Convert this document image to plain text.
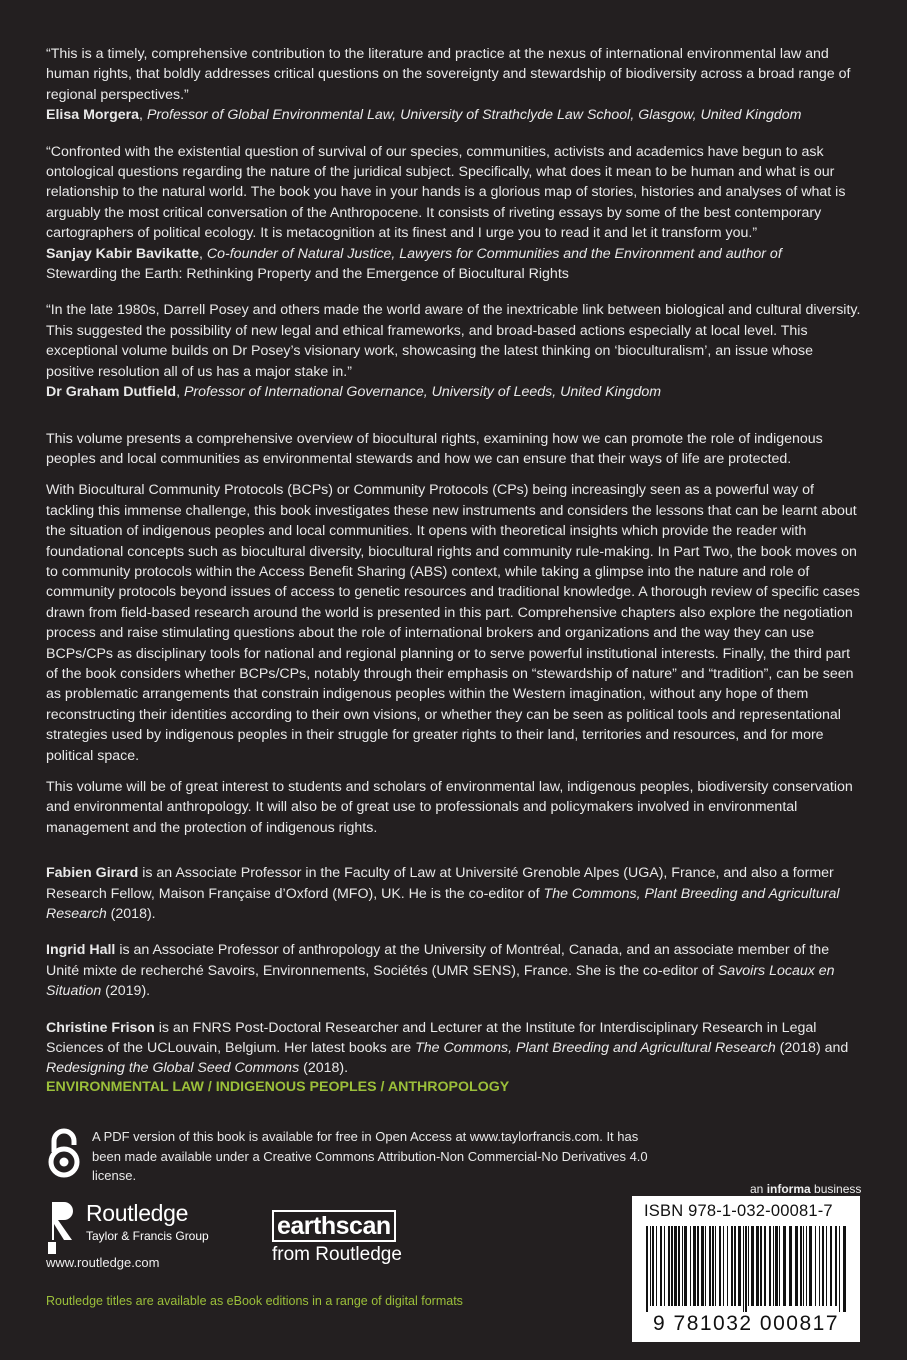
“This is a timely, comprehensive contribution to the literature and practice at the nexus of international environmental law and human rights, that boldly addresses critical questions on the sovereignty and stewardship of biodiversity across a broad range of regional perspectives.”
Elisa Morgera, Professor of Global Environmental Law, University of Strathclyde Law School, Glasgow, United Kingdom

“Confronted with the existential question of survival of our species, communities, activists and academics have begun to ask ontological questions regarding the nature of the juridical subject. Specifically, what does it mean to be human and what is our relationship to the natural world. The book you have in your hands is a glorious map of stories, histories and analyses of what is arguably the most critical conversation of the Anthropocene. It consists of riveting essays by some of the best contemporary cartographers of political ecology. It is metacognition at its finest and I urge you to read it and let it transform you.”
Sanjay Kabir Bavikatte, Co-founder of Natural Justice, Lawyers for Communities and the Environment and author of
Stewarding the Earth: Rethinking Property and the Emergence of Biocultural Rights

“In the late 1980s, Darrell Posey and others made the world aware of the inextricable link between biological and cultural diversity. This suggested the possibility of new legal and ethical frameworks, and broad-based actions especially at local level. This exceptional volume builds on Dr Posey’s visionary work, showcasing the latest thinking on ‘bioculturalism’, an issue whose positive resolution all of us has a major stake in.”
Dr Graham Dutfield, Professor of International Governance, University of Leeds, United Kingdom

This volume presents a comprehensive overview of biocultural rights, examining how we can promote the role of indigenous peoples and local communities as environmental stewards and how we can ensure that their ways of life are protected.

With Biocultural Community Protocols (BCPs) or Community Protocols (CPs) being increasingly seen as a powerful way of tackling this immense challenge, this book investigates these new instruments and considers the lessons that can be learnt about the situation of indigenous peoples and local communities. It opens with theoretical insights which provide the reader with foundational concepts such as biocultural diversity, biocultural rights and community rule-making. In Part Two, the book moves on to community protocols within the Access Benefit Sharing (ABS) context, while taking a glimpse into the nature and role of community protocols beyond issues of access to genetic resources and traditional knowledge. A thorough review of specific cases drawn from field-based research around the world is presented in this part. Comprehensive chapters also explore the negotiation process and raise stimulating questions about the role of international brokers and organizations and the way they can use BCPs/CPs as disciplinary tools for national and regional planning or to serve powerful institutional interests. Finally, the third part of the book considers whether BCPs/CPs, notably through their emphasis on “stewardship of nature” and “tradition”, can be seen as problematic arrangements that constrain indigenous peoples within the Western imagination, without any hope of them reconstructing their identities according to their own visions, or whether they can be seen as political tools and representational strategies used by indigenous peoples in their struggle for greater rights to their land, territories and resources, and for more political space.

This volume will be of great interest to students and scholars of environmental law, indigenous peoples, biodiversity conservation and environmental anthropology. It will also be of great use to professionals and policymakers involved in environmental management and the protection of indigenous rights.

Fabien Girard is an Associate Professor in the Faculty of Law at Université Grenoble Alpes (UGA), France, and also a former Research Fellow, Maison Française d’Oxford (MFO), UK. He is the co-editor of The Commons, Plant Breeding and Agricultural Research (2018).

Ingrid Hall is an Associate Professor of anthropology at the University of Montréal, Canada, and an associate member of the Unité mixte de recherché Savoirs, Environnements, Sociétés (UMR SENS), France. She is the co-editor of Savoirs Locaux en Situation (2019).

Christine Frison is an FNRS Post-Doctoral Researcher and Lecturer at the Institute for Interdisciplinary Research in Legal Sciences of the UCLouvain, Belgium. Her latest books are The Commons, Plant Breeding and Agricultural Research (2018) and Redesigning the Global Seed Commons (2018).

ENVIRONMENTAL LAW / INDIGENOUS PEOPLES / ANTHROPOLOGY
A PDF version of this book is available for free in Open Access at www.taylorfrancis.com. It has been made available under a Creative Commons Attribution-Non Commercial-No Derivatives 4.0 license.
an informa business
ISBN 978-1-032-00081-7
9 781032 000817
Routledge
Taylor & Francis Group	earthscan
from Routledge
www.routledge.com
Routledge titles are available as eBook editions in a range of digital formats
